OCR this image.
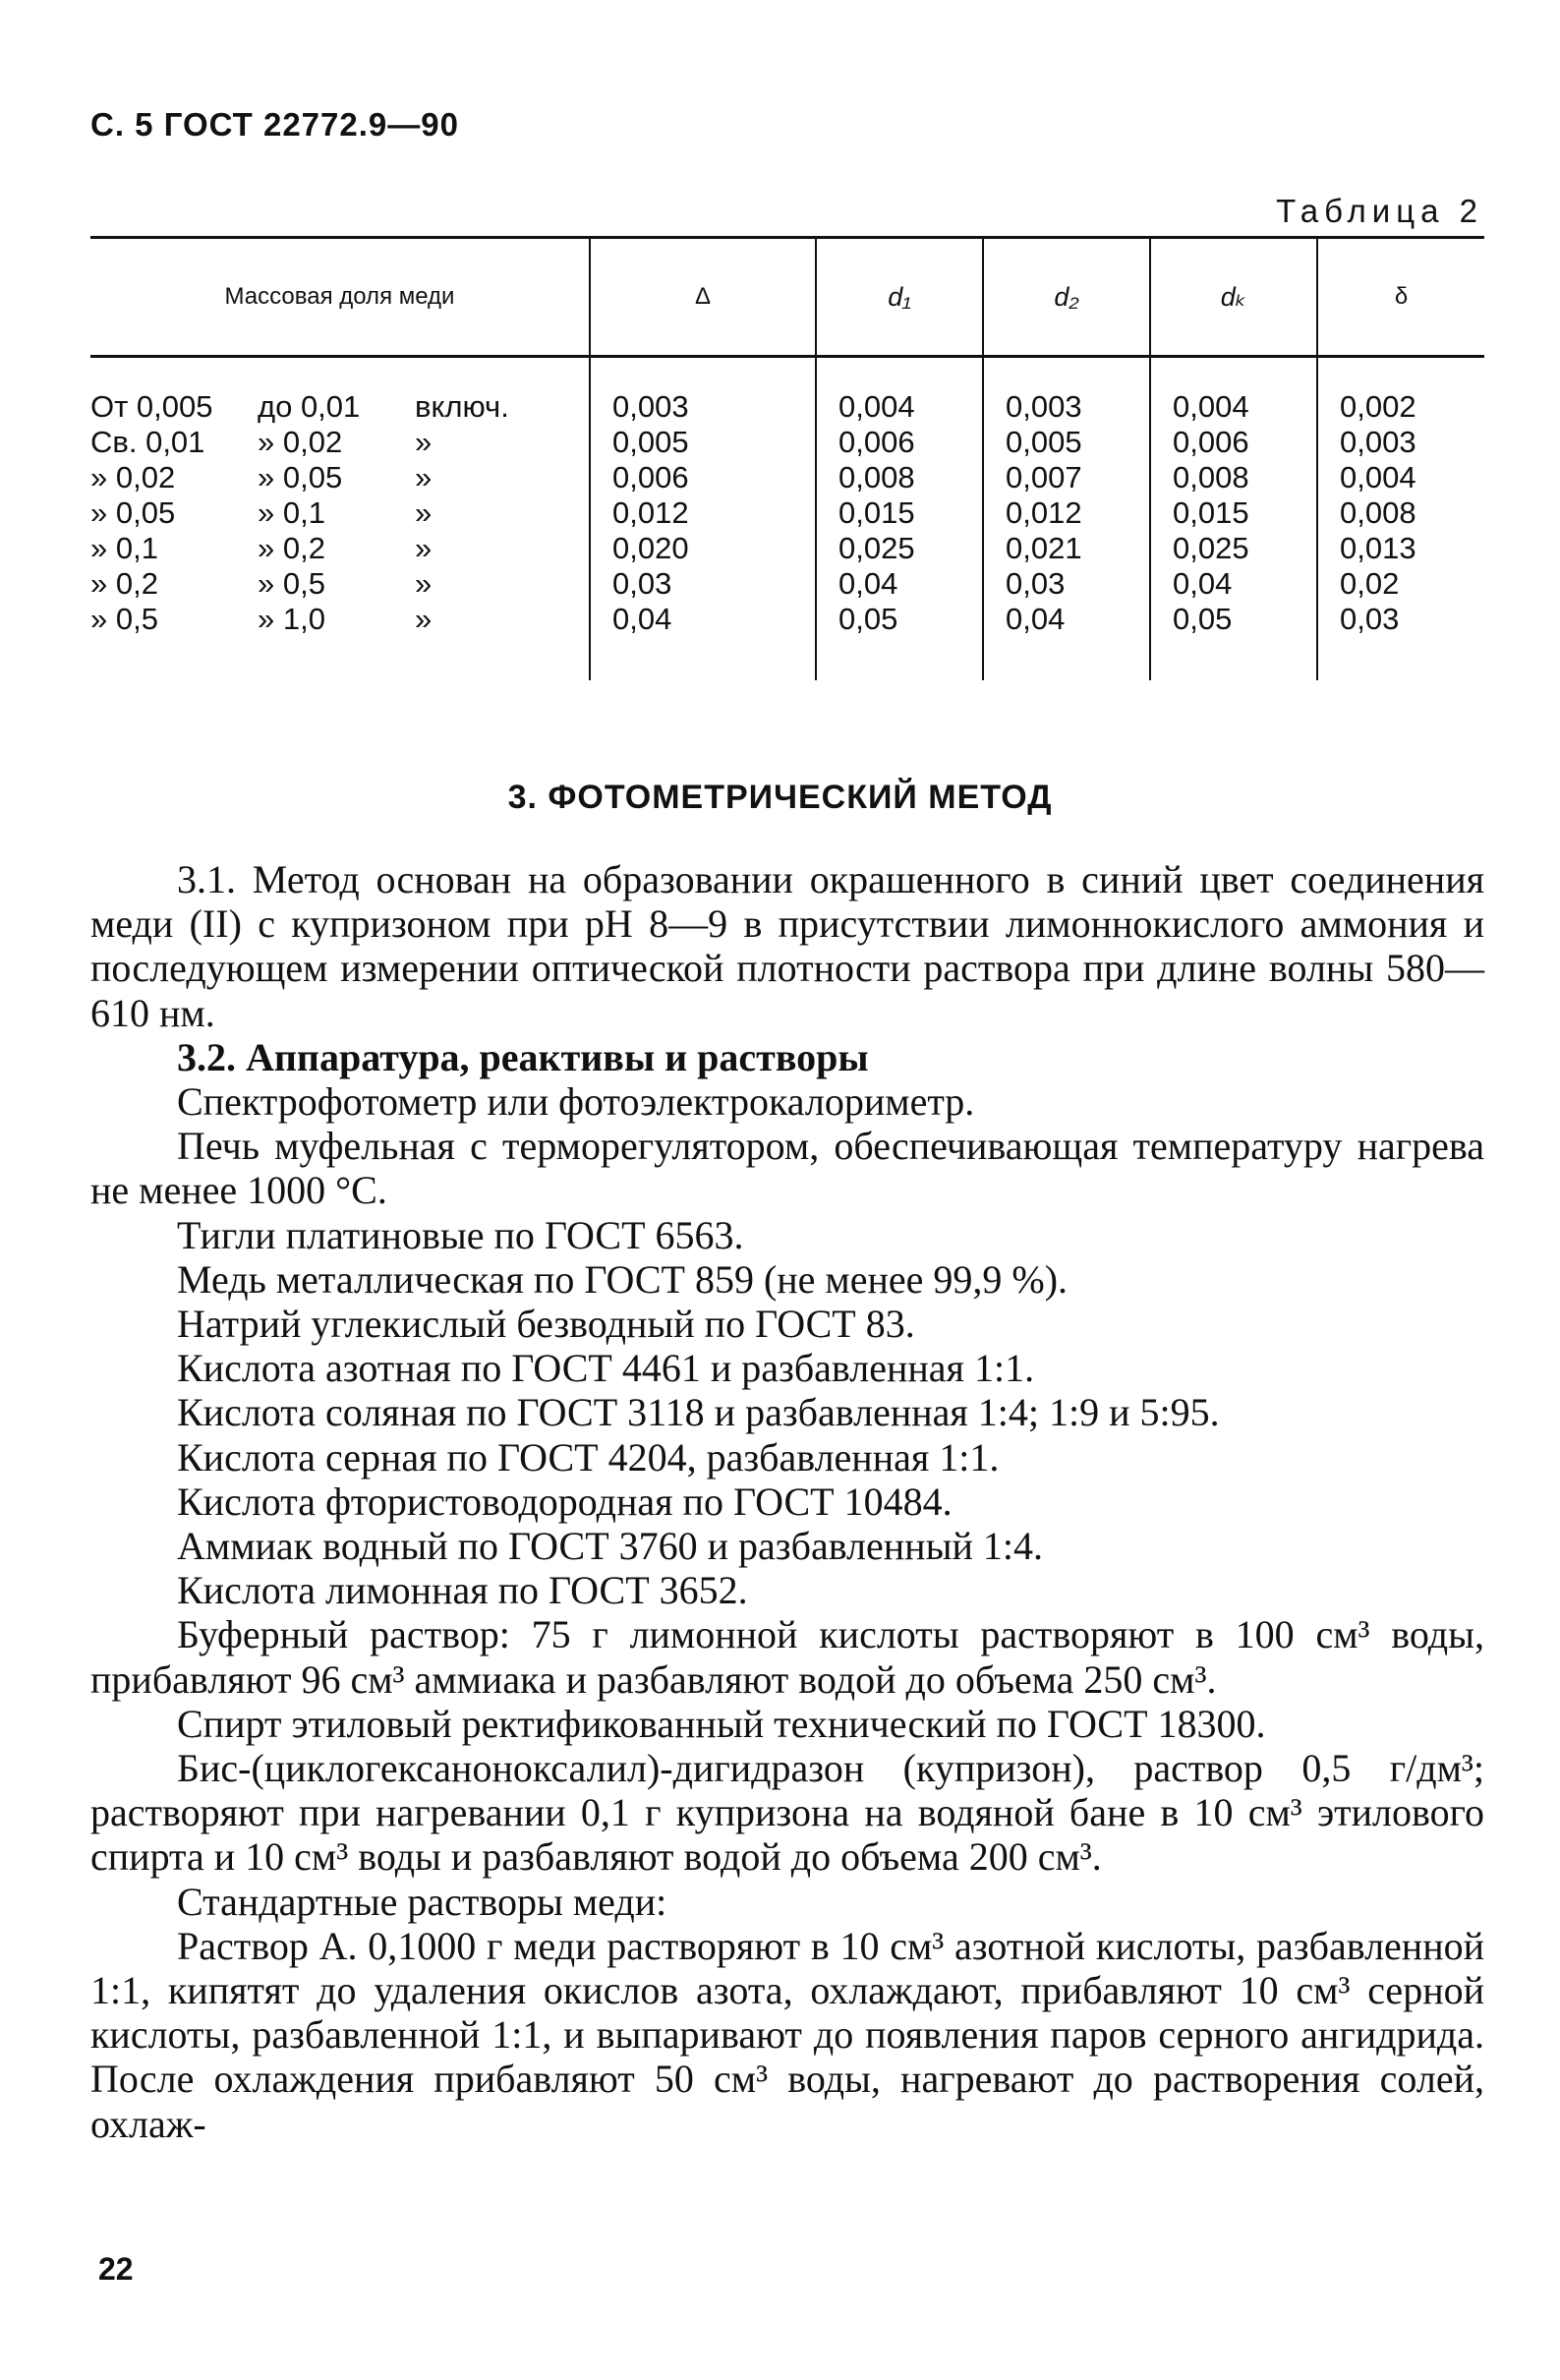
С. 5 ГОСТ 22772.9—90
Таблица 2
Массовая доля меди	Δ	d₁	d₂	dₖ	δ
От 0,005 до 0,01 включ.	0,003	0,004	0,003	0,004	0,002
Св. 0,01 » 0,02 »	0,005	0,006	0,005	0,006	0,003
» 0,02 » 0,05 »	0,006	0,008	0,007	0,008	0,004
» 0,05 » 0,1 »	0,012	0,015	0,012	0,015	0,008
» 0,1 » 0,2 »	0,020	0,025	0,021	0,025	0,013
» 0,2 » 0,5 »	0,03	0,04	0,03	0,04	0,02
» 0,5 » 1,0 »	0,04	0,05	0,04	0,05	0,03
3. ФОТОМЕТРИЧЕСКИЙ МЕТОД

3.1. Метод основан на образовании окрашенного в синий цвет соединения меди (II) с купризоном при pH 8—9 в присутствии лимоннокислого аммония и последующем измерении оптической плотности раствора при длине волны 580—610 нм.

3.2. Аппаратура, реактивы и растворы

Спектрофотометр или фотоэлектрокалориметр.

Печь муфельная с терморегулятором, обеспечивающая температуру нагрева не менее 1000 °С.

Тигли платиновые по ГОСТ 6563.

Медь металлическая по ГОСТ 859 (не менее 99,9 %).

Натрий углекислый безводный по ГОСТ 83.

Кислота азотная по ГОСТ 4461 и разбавленная 1:1.

Кислота соляная по ГОСТ 3118 и разбавленная 1:4; 1:9 и 5:95.

Кислота серная по ГОСТ 4204, разбавленная 1:1.

Кислота фтористоводородная по ГОСТ 10484.

Аммиак водный по ГОСТ 3760 и разбавленный 1:4.

Кислота лимонная по ГОСТ 3652.

Буферный раствор: 75 г лимонной кислоты растворяют в 100 см³ воды, прибавляют 96 см³ аммиака и разбавляют водой до объема 250 см³.

Спирт этиловый ректификованный технический по ГОСТ 18300.

Бис-(циклогексаноноксалил)-дигидразон (купризон), раствор 0,5 г/дм³; растворяют при нагревании 0,1 г купризона на водяной бане в 10 см³ этилового спирта и 10 см³ воды и разбавляют водой до объема 200 см³.

Стандартные растворы меди:

Раствор А. 0,1000 г меди растворяют в 10 см³ азотной кислоты, разбавленной 1:1, кипятят до удаления окислов азота, охлаждают, прибавляют 10 см³ серной кислоты, разбавленной 1:1, и выпаривают до появления паров серного ангидрида. После охлаждения прибавляют 50 см³ воды, нагревают до растворения солей, охлаж-

22
